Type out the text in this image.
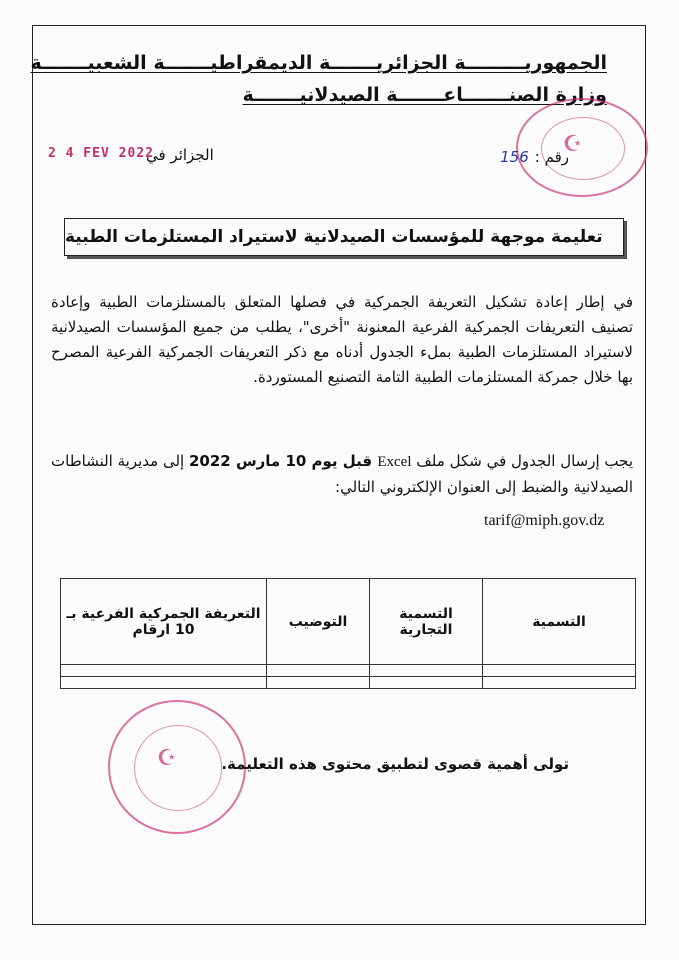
الجمهوريـــــــــة الجزائريـــــــة الديمقراطيـــــــة الشعبيـــــــة
وزارة الصنـــــــاعـــــــة الصيدلانيـــــــة
☪
2 4 FEV 2022
الجزائر في	رقم :156
تعليمة موجهة للمؤسسات الصيدلانية لاستيراد المستلزمات الطبية
في إطار إعادة تشكيل التعريفة الجمركية في فصلها المتعلق بالمستلزمات الطبية وإعادة تصنيف التعريفات الجمركية الفرعية المعنونة "أخرى"، يطلب من جميع المؤسسات الصيدلانية لاستيراد المستلزمات الطبية بملء الجدول أدناه مع ذكر التعريفات الجمركية الفرعية المصرح بها خلال جمركة المستلزمات الطبية التامة التصنيع المستوردة.
يجب إرسال الجدول في شكل ملف Excel قبل يوم 10 مارس 2022 إلى مديرية النشاطات الصيدلانية والضبط إلى العنوان الإلكتروني التالي:
tarif@miph.gov.dz
التسمية	التسمية التجارية	التوضيب	التعريفة الجمركية الفرعية بـ 10 ارقام

☪	تولى أهمية قصوى لتطبيق محتوى هذه التعليمة.
